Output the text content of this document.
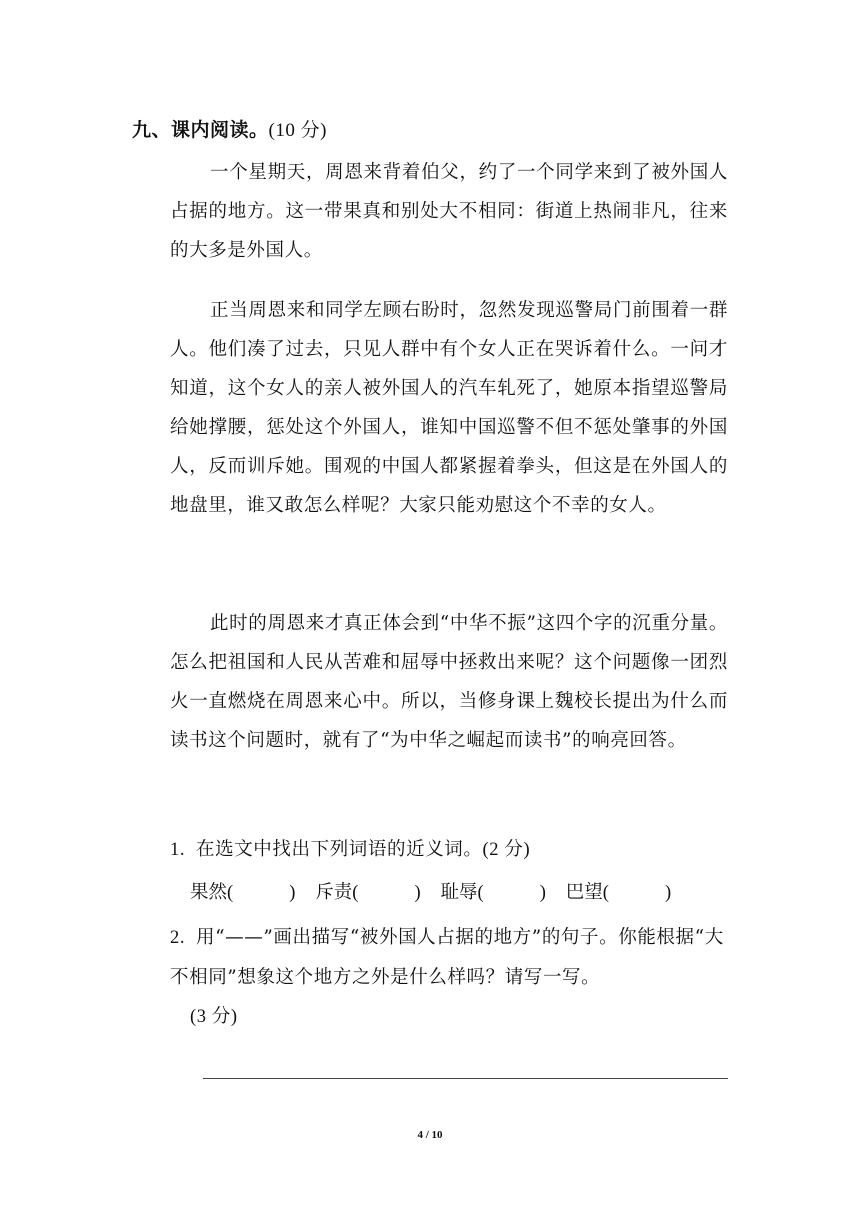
九、课内阅读。(10 分)

一个星期天，周恩来背着伯父，约了一个同学来到了被外国人占据的地方。这一带果真和别处大不相同：街道上热闹非凡，往来的大多是外国人。

正当周恩来和同学左顾右盼时，忽然发现巡警局门前围着一群人。他们凑了过去，只见人群中有个女人正在哭诉着什么。一问才知道，这个女人的亲人被外国人的汽车轧死了，她原本指望巡警局给她撑腰，惩处这个外国人，谁知中国巡警不但不惩处肇事的外国人，反而训斥她。围观的中国人都紧握着拳头，但这是在外国人的地盘里，谁又敢怎么样呢？大家只能劝慰这个不幸的女人。

此时的周恩来才真正体会到“中华不振”这四个字的沉重分量。怎么把祖国和人民从苦难和屈辱中拯救出来呢？这个问题像一团烈火一直燃烧在周恩来心中。所以，当修身课上魏校长提出为什么而读书这个问题时，就有了“为中华之崛起而读书”的响亮回答。

1. 在选文中找出下列词语的近义词。(2 分)
果然(	) 斥责(	) 耻辱(	) 巴望(	)
2. 用“——”画出描写“被外国人占据的地方”的句子。你能根据“大不相同”想象这个地方之外是什么样吗？请写一写。
(3 分)
4 / 10
